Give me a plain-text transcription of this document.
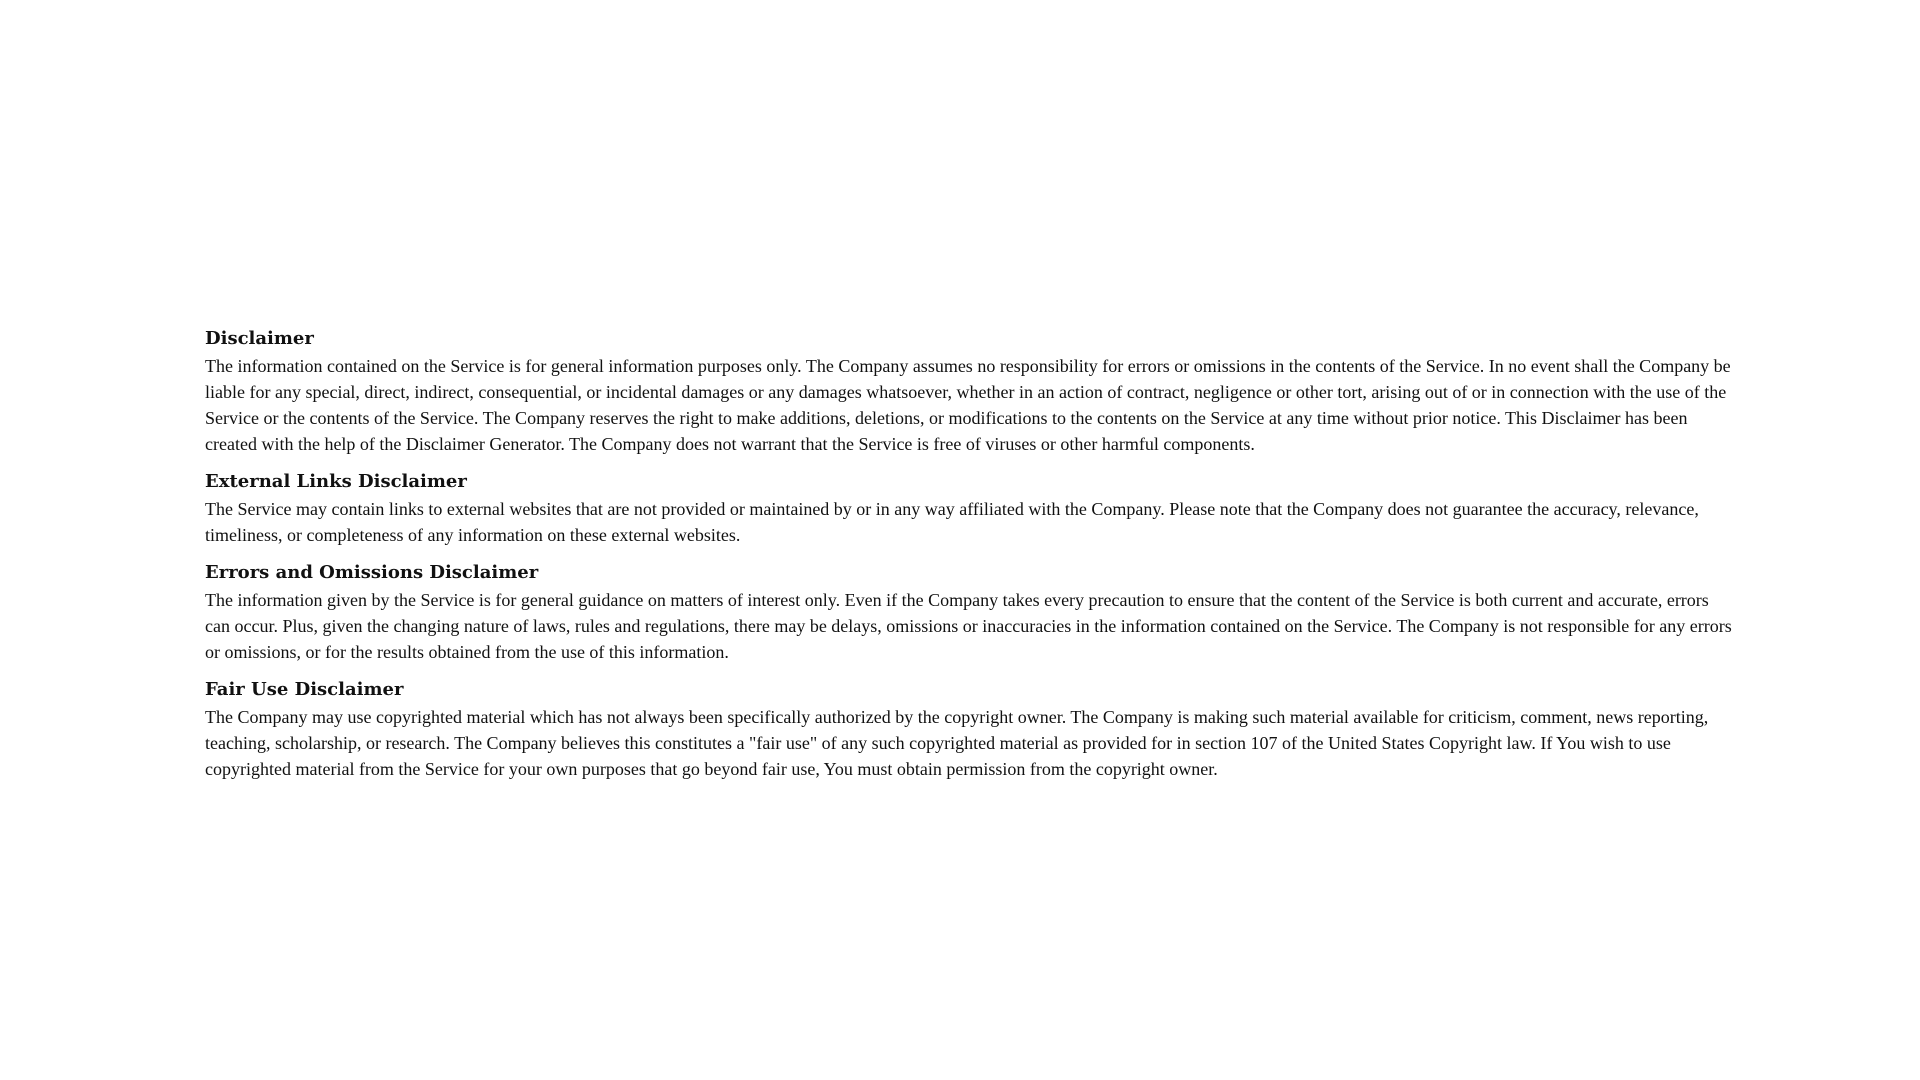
Disclaimer

The information contained on the Service is for general information purposes only. The Company assumes no responsibility for errors or omissions in the contents of the Service. In no event shall the Company be liable for any special, direct, indirect, consequential, or incidental damages or any damages whatsoever, whether in an action of contract, negligence or other tort, arising out of or in connection with the use of the Service or the contents of the Service. The Company reserves the right to make additions, deletions, or modifications to the contents on the Service at any time without prior notice. This Disclaimer has been created with the help of the Disclaimer Generator. The Company does not warrant that the Service is free of viruses or other harmful components.

External Links Disclaimer

The Service may contain links to external websites that are not provided or maintained by or in any way affiliated with the Company. Please note that the Company does not guarantee the accuracy, relevance, timeliness, or completeness of any information on these external websites.

Errors and Omissions Disclaimer

The information given by the Service is for general guidance on matters of interest only. Even if the Company takes every precaution to ensure that the content of the Service is both current and accurate, errors can occur. Plus, given the changing nature of laws, rules and regulations, there may be delays, omissions or inaccuracies in the information contained on the Service. The Company is not responsible for any errors or omissions, or for the results obtained from the use of this information.

Fair Use Disclaimer

The Company may use copyrighted material which has not always been specifically authorized by the copyright owner. The Company is making such material available for criticism, comment, news reporting, teaching, scholarship, or research. The Company believes this constitutes a "fair use" of any such copyrighted material as provided for in section 107 of the United States Copyright law. If You wish to use copyrighted material from the Service for your own purposes that go beyond fair use, You must obtain permission from the copyright owner.
